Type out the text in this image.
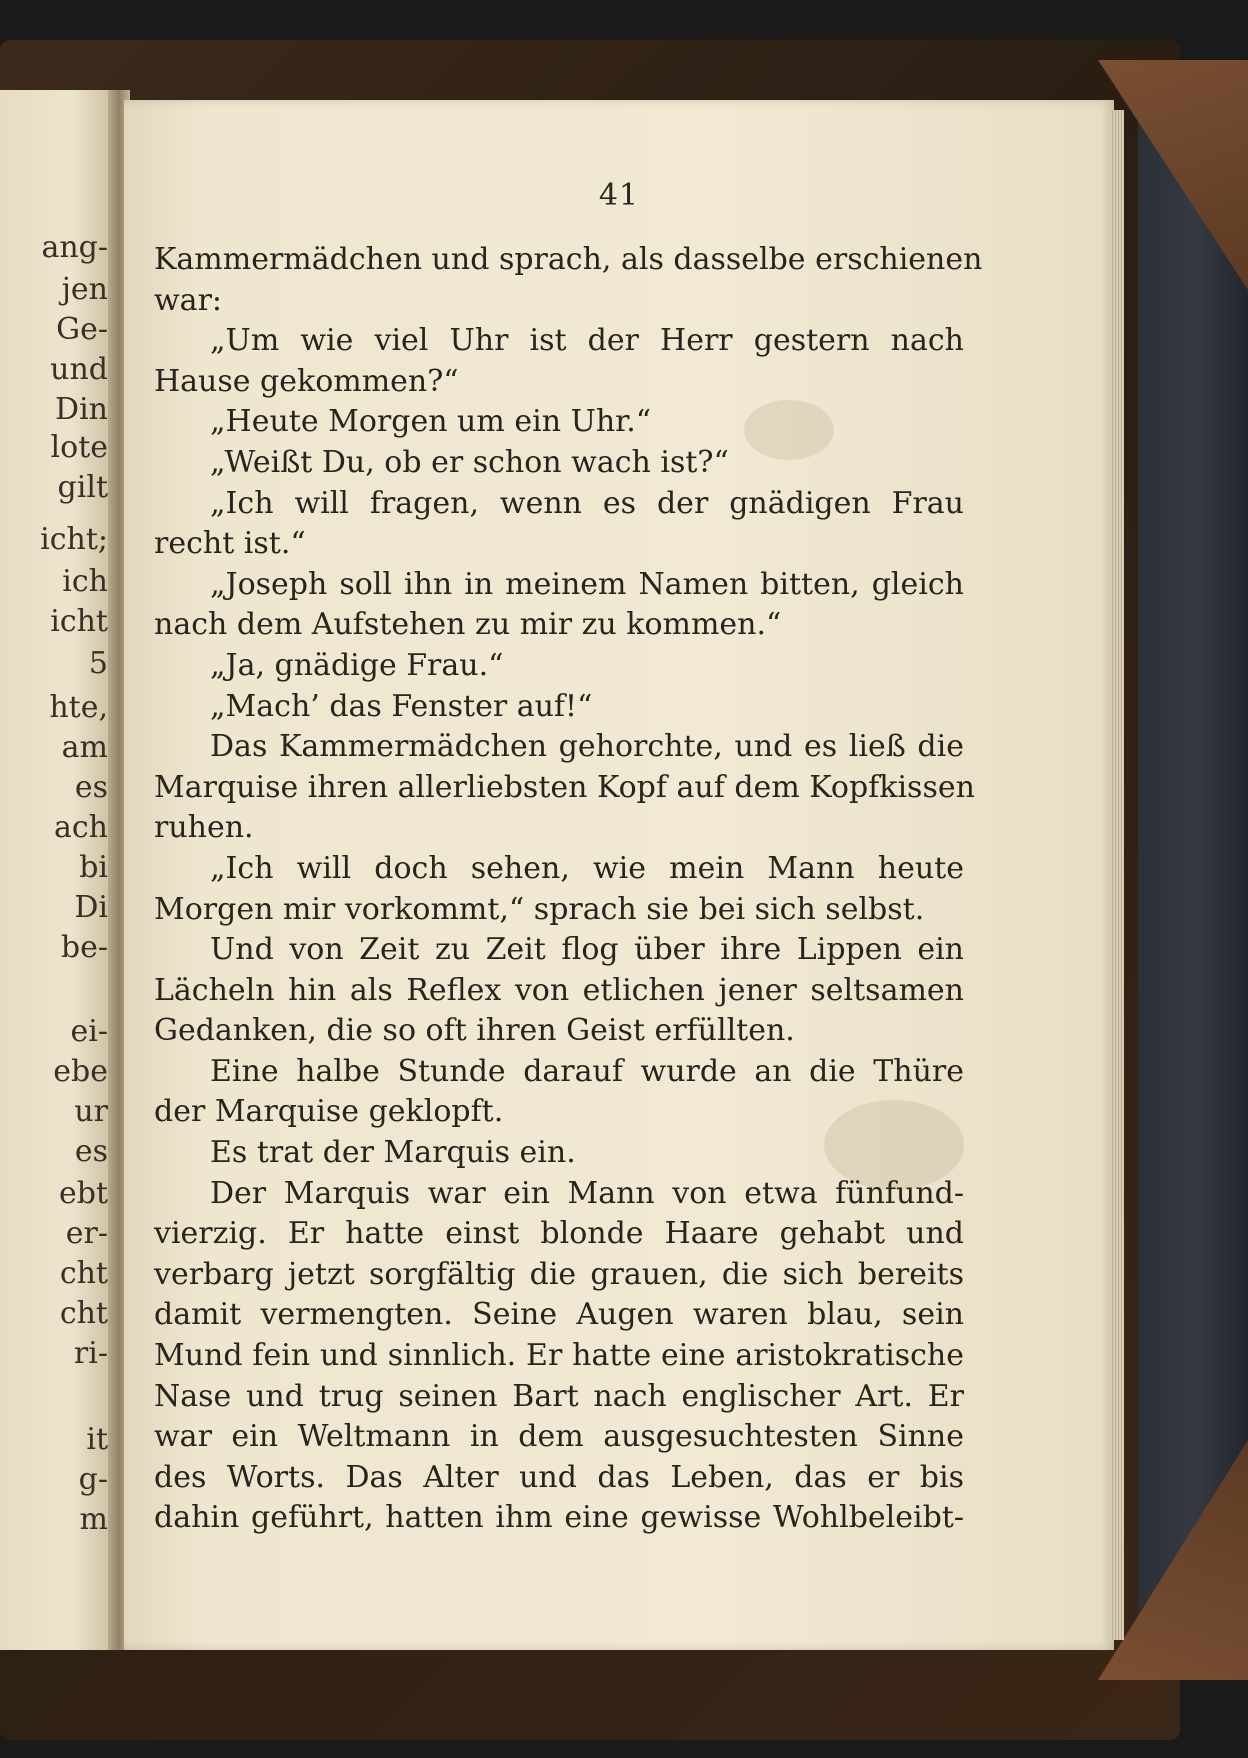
ang-
jen
Ge-
und
Din
lote
gilt
icht;
ich
icht
5
hte,
am
es
ach
bi
Di
be-
ei-
ebe
ur
es
ebt
er-
cht
cht
ri-
it
g-
m
41
Kammermädchen und sprach, als dasselbe erschienen
war:
„Um wie viel Uhr ist der Herr gestern nach
Hause gekommen?“
„Heute Morgen um ein Uhr.“
„Weißt Du, ob er schon wach ist?“
„Ich will fragen, wenn es der gnädigen Frau
recht ist.“
„Joseph soll ihn in meinem Namen bitten, gleich
nach dem Aufstehen zu mir zu kommen.“
„Ja, gnädige Frau.“
„Mach’ das Fenster auf!“
Das Kammermädchen gehorchte, und es ließ die
Marquise ihren allerliebsten Kopf auf dem Kopfkissen
ruhen.
„Ich will doch sehen, wie mein Mann heute
Morgen mir vorkommt,“ sprach sie bei sich selbst.
Und von Zeit zu Zeit flog über ihre Lippen ein
Lächeln hin als Reflex von etlichen jener seltsamen
Gedanken, die so oft ihren Geist erfüllten.
Eine halbe Stunde darauf wurde an die Thüre
der Marquise geklopft.
Es trat der Marquis ein.
Der Marquis war ein Mann von etwa fünfund-
vierzig. Er hatte einst blonde Haare gehabt und
verbarg jetzt sorgfältig die grauen, die sich bereits
damit vermengten. Seine Augen waren blau, sein
Mund fein und sinnlich. Er hatte eine aristokratische
Nase und trug seinen Bart nach englischer Art. Er
war ein Weltmann in dem ausgesuchtesten Sinne
des Worts. Das Alter und das Leben, das er bis
dahin geführt, hatten ihm eine gewisse Wohlbeleibt-
